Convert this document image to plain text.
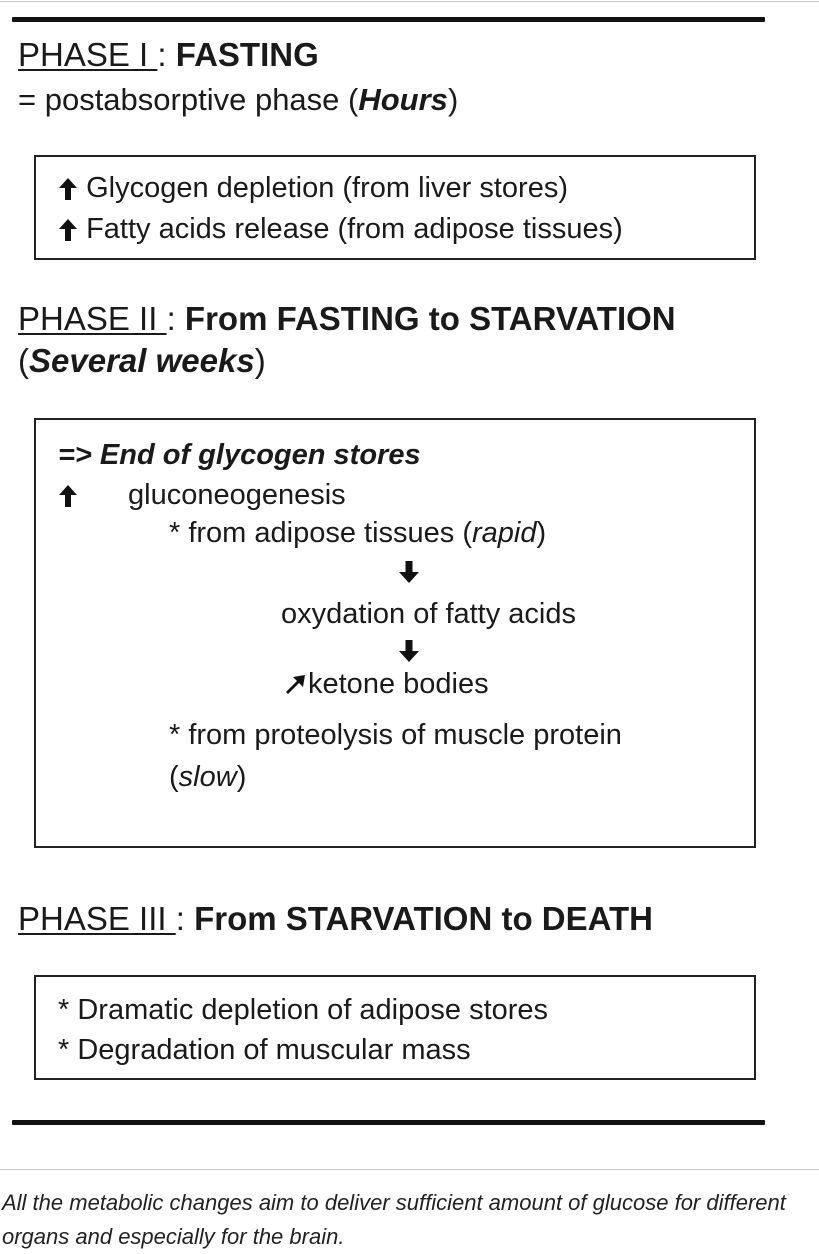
PHASE I : FASTING
= postabsorptive phase (Hours)
Glycogen depletion (from liver stores)
Fatty acids release (from adipose tissues)
PHASE II : From FASTING to STARVATION
(Several weeks)
=> End of glycogen stores
gluconeogenesis
* from adipose tissues (rapid)
oxydation of fatty acids
ketone bodies
* from proteolysis of muscle protein
(slow)
PHASE III : From STARVATION to DEATH
* Dramatic depletion of adipose stores
* Degradation of muscular mass
All the metabolic changes aim to deliver sufficient amount of glucose for different organs and especially for the brain.
